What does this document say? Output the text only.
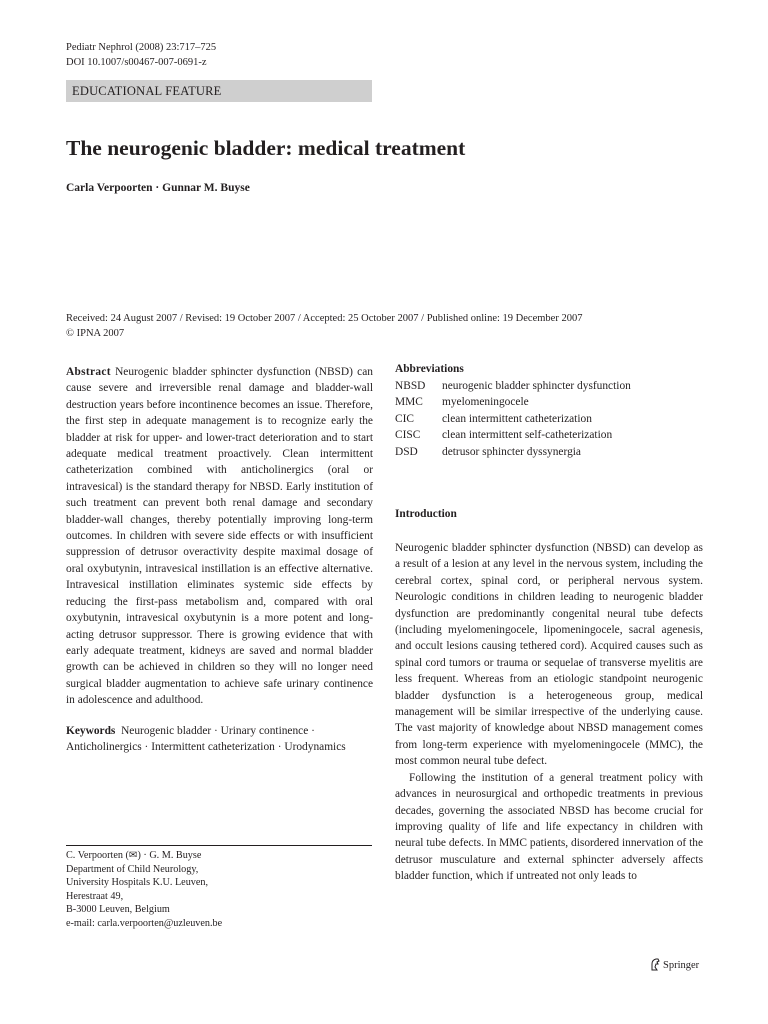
Pediatr Nephrol (2008) 23:717–725
DOI 10.1007/s00467-007-0691-z
EDUCATIONAL FEATURE
The neurogenic bladder: medical treatment
Carla Verpoorten · Gunnar M. Buyse
Received: 24 August 2007 / Revised: 19 October 2007 / Accepted: 25 October 2007 / Published online: 19 December 2007
© IPNA 2007

Abstract Neurogenic bladder sphincter dysfunction (NBSD) can cause severe and irreversible renal damage and bladder-wall destruction years before incontinence becomes an issue. Therefore, the first step in adequate management is to recognize early the bladder at risk for upper- and lower-tract deterioration and to start adequate medical treatment proactively. Clean intermittent catheterization combined with anticholinergics (oral or intravesical) is the standard therapy for NBSD. Early institution of such treatment can prevent both renal damage and secondary bladder-wall changes, thereby potentially improving long-term outcomes. In children with severe side effects or with insufficient suppression of detrusor overactivity despite maximal dosage of oral oxybutynin, intravesical instillation is an effective alternative. Intravesical instillation eliminates systemic side effects by reducing the first-pass metabolism and, compared with oral oxybutynin, intravesical oxybutynin is a more potent and long-acting detrusor suppressor. There is growing evidence that with early adequate treatment, kidneys are saved and normal bladder growth can be achieved in children so they will no longer need surgical bladder augmentation to achieve safe urinary continence in adolescence and adulthood.

Keywords Neurogenic bladder · Urinary continence ·

Anticholinergics · Intermittent catheterization · Urodynamics

C. Verpoorten (✉) · G. M. Buyse
Department of Child Neurology,
University Hospitals K.U. Leuven,
Herestraat 49,
B-3000 Leuven, Belgium
e-mail: carla.verpoorten@uzleuven.be
Abbreviations
NBSD	neurogenic bladder sphincter dysfunction
MMC	myelomeningocele
CIC	clean intermittent catheterization
CISC	clean intermittent self-catheterization
DSD	detrusor sphincter dyssynergia
Introduction

Neurogenic bladder sphincter dysfunction (NBSD) can develop as a result of a lesion at any level in the nervous system, including the cerebral cortex, spinal cord, or peripheral nervous system. Neurologic conditions in children leading to neurogenic bladder dysfunction are predominantly congenital neural tube defects (including myelomeningocele, lipomeningocele, sacral agenesis, and occult lesions causing tethered cord). Acquired causes such as spinal cord tumors or trauma or sequelae of transverse myelitis are less frequent. Whereas from an etiologic standpoint neurogenic bladder dysfunction is a heterogeneous group, medical management will be similar irrespective of the underlying cause. The vast majority of knowledge about NBSD management comes from long-term experience with myelomeningocele (MMC), the most common neural tube defect.

Following the institution of a general treatment policy with advances in neurosurgical and orthopedic treatments in previous decades, governing the associated NBSD has become crucial for improving quality of life and life expectancy in children with neural tube defects. In MMC patients, disordered innervation of the detrusor musculature and external sphincter adversely affects bladder function, which if untreated not only leads to

Springer
